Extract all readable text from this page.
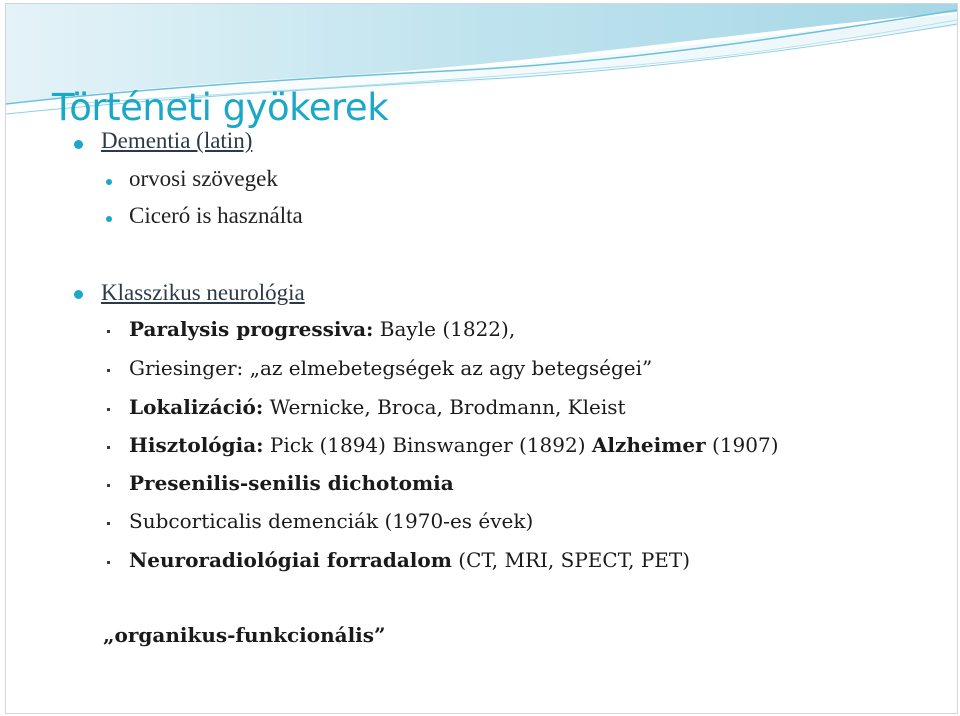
Történeti gyökerek
Dementia (latin)
orvosi szövegek
Ciceró is használta
Klasszikus neurológia
Paralysis progressiva: Bayle (1822),
Griesinger: „az elmebetegségek az agy betegségei”
Lokalizáció: Wernicke, Broca, Brodmann, Kleist
Hisztológia: Pick (1894) Binswanger (1892) Alzheimer (1907)
Presenilis-senilis dichotomia
Subcorticalis demenciák (1970-es évek)
Neuroradiológiai forradalom (CT, MRI, SPECT, PET)
„organikus-funkcionális”
